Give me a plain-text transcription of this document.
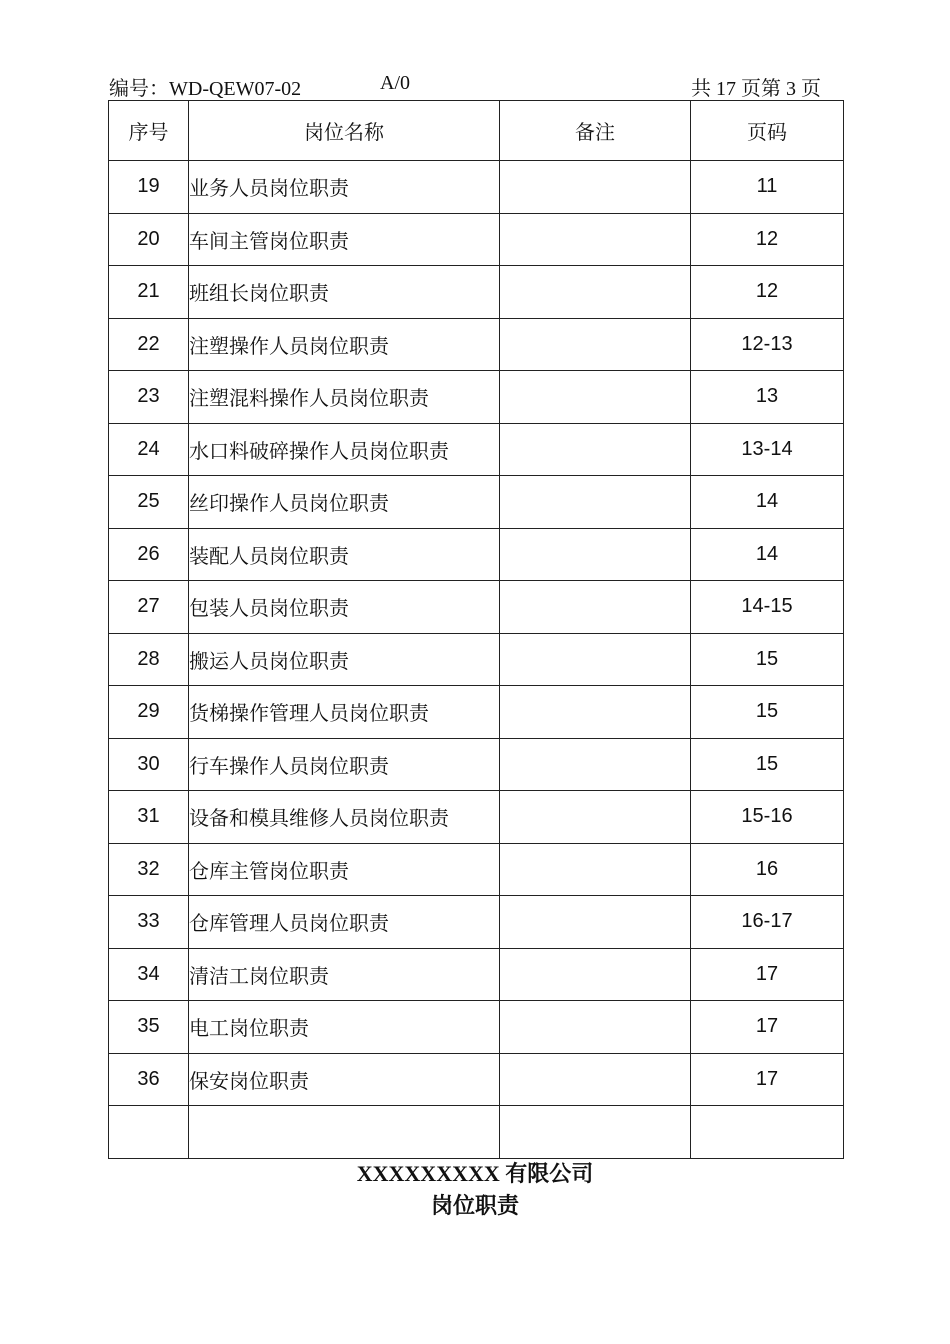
编号：WD-QEW07-02	A/0	共 17 页第 3 页
序号	岗位名称	备注	页码
19	业务人员岗位职责		11
20	车间主管岗位职责		12
21	班组长岗位职责		12
22	注塑操作人员岗位职责		12-13
23	注塑混料操作人员岗位职责		13
24	水口料破碎操作人员岗位职责		13-14
25	丝印操作人员岗位职责		14
26	装配人员岗位职责		14
27	包装人员岗位职责		14-15
28	搬运人员岗位职责		15
29	货梯操作管理人员岗位职责		15
30	行车操作人员岗位职责		15
31	设备和模具维修人员岗位职责		15-16
32	仓库主管岗位职责		16
33	仓库管理人员岗位职责		16-17
34	清洁工岗位职责		17
35	电工岗位职责		17
36	保安岗位职责		17

XXXXXXXXX 有限公司
岗位职责
